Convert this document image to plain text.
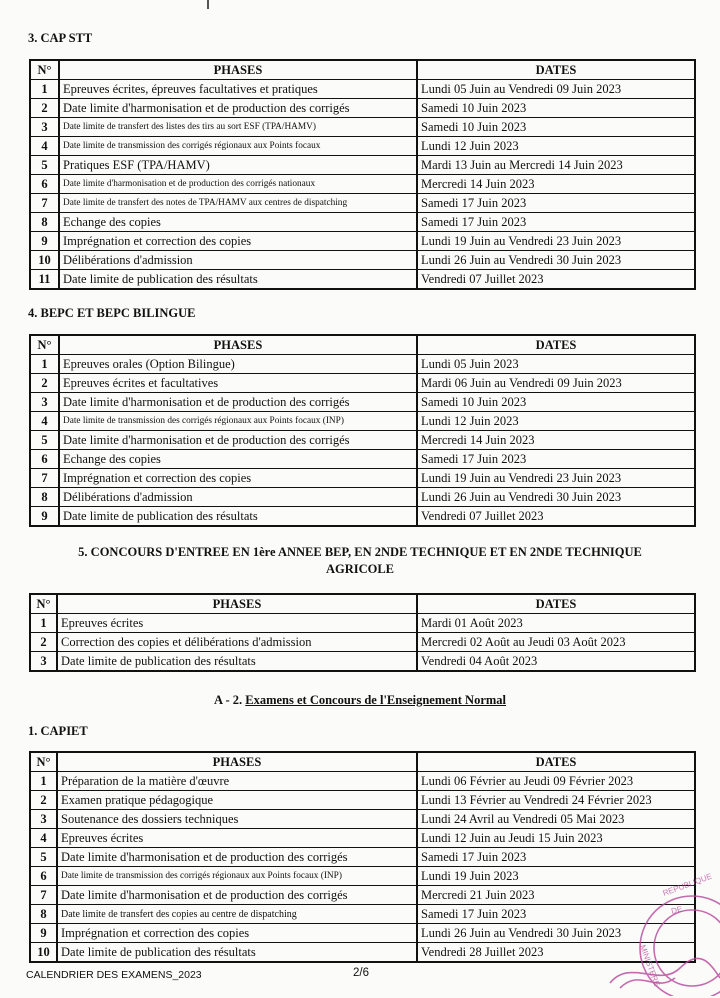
3. CAP STT
N°	PHASES	DATES
1	Epreuves écrites, épreuves facultatives et pratiques	Lundi 05 Juin au Vendredi 09 Juin 2023
2	Date limite d'harmonisation et de production des corrigés	Samedi 10 Juin 2023
3	Date limite de transfert des listes des tirs au sort ESF (TPA/HAMV)	Samedi 10 Juin 2023
4	Date limite de transmission des corrigés régionaux aux Points focaux	Lundi 12 Juin 2023
5	Pratiques ESF (TPA/HAMV)	Mardi 13 Juin au Mercredi 14 Juin 2023
6	Date limite d'harmonisation et de production des corrigés nationaux	Mercredi 14 Juin 2023
7	Date limite de transfert des notes de TPA/HAMV aux centres de dispatching	Samedi 17 Juin 2023
8	Echange des copies	Samedi 17 Juin 2023
9	Imprégnation et correction des copies	Lundi 19 Juin au Vendredi 23 Juin 2023
10	Délibérations d'admission	Lundi 26 Juin au Vendredi 30 Juin 2023
11	Date limite de publication des résultats	Vendredi 07 Juillet 2023
4. BEPC ET BEPC BILINGUE
N°	PHASES	DATES
1	Epreuves orales (Option Bilingue)	Lundi 05 Juin 2023
2	Epreuves écrites et facultatives	Mardi 06 Juin au Vendredi 09 Juin 2023
3	Date limite d'harmonisation et de production des corrigés	Samedi 10 Juin 2023
4	Date limite de transmission des corrigés régionaux aux Points focaux (INP)	Lundi 12 Juin 2023
5	Date limite d'harmonisation et de production des corrigés	Mercredi 14 Juin 2023
6	Echange des copies	Samedi 17 Juin 2023
7	Imprégnation et correction des copies	Lundi 19 Juin au Vendredi 23 Juin 2023
8	Délibérations d'admission	Lundi 26 Juin au Vendredi 30 Juin 2023
9	Date limite de publication des résultats	Vendredi 07 Juillet 2023
5. CONCOURS D'ENTREE EN 1ère ANNEE BEP, EN 2NDE TECHNIQUE ET EN 2NDE TECHNIQUE
AGRICOLE
N°	PHASES	DATES
1	Epreuves écrites	Mardi 01 Août 2023
2	Correction des copies et délibérations d'admission	Mercredi 02 Août au Jeudi 03 Août 2023
3	Date limite de publication des résultats	Vendredi 04 Août 2023
A - 2. Examens et Concours de l'Enseignement Normal
1. CAPIET
N°	PHASES	DATES
1	Préparation de la matière d'œuvre	Lundi 06 Février au Jeudi 09 Février 2023
2	Examen pratique pédagogique	Lundi 13 Février au Vendredi 24 Février 2023
3	Soutenance des dossiers techniques	Lundi 24 Avril au Vendredi 05 Mai 2023
4	Epreuves écrites	Lundi 12 Juin au Jeudi 15 Juin 2023
5	Date limite d'harmonisation et de production des corrigés	Samedi 17 Juin 2023
6	Date limite de transmission des corrigés régionaux aux Points focaux (INP)	Lundi 19 Juin 2023
7	Date limite d'harmonisation et de production des corrigés	Mercredi 21 Juin 2023
8	Date limite de transfert des copies au centre de dispatching	Samedi 17 Juin 2023
9	Imprégnation et correction des copies	Lundi 26 Juin au Vendredi 30 Juin 2023
10	Date limite de publication des résultats	Vendredi 28 Juillet 2023
CALENDRIER DES EXAMENS_2023	2/6
REPUBLIQUE
DE
MINISTERE
